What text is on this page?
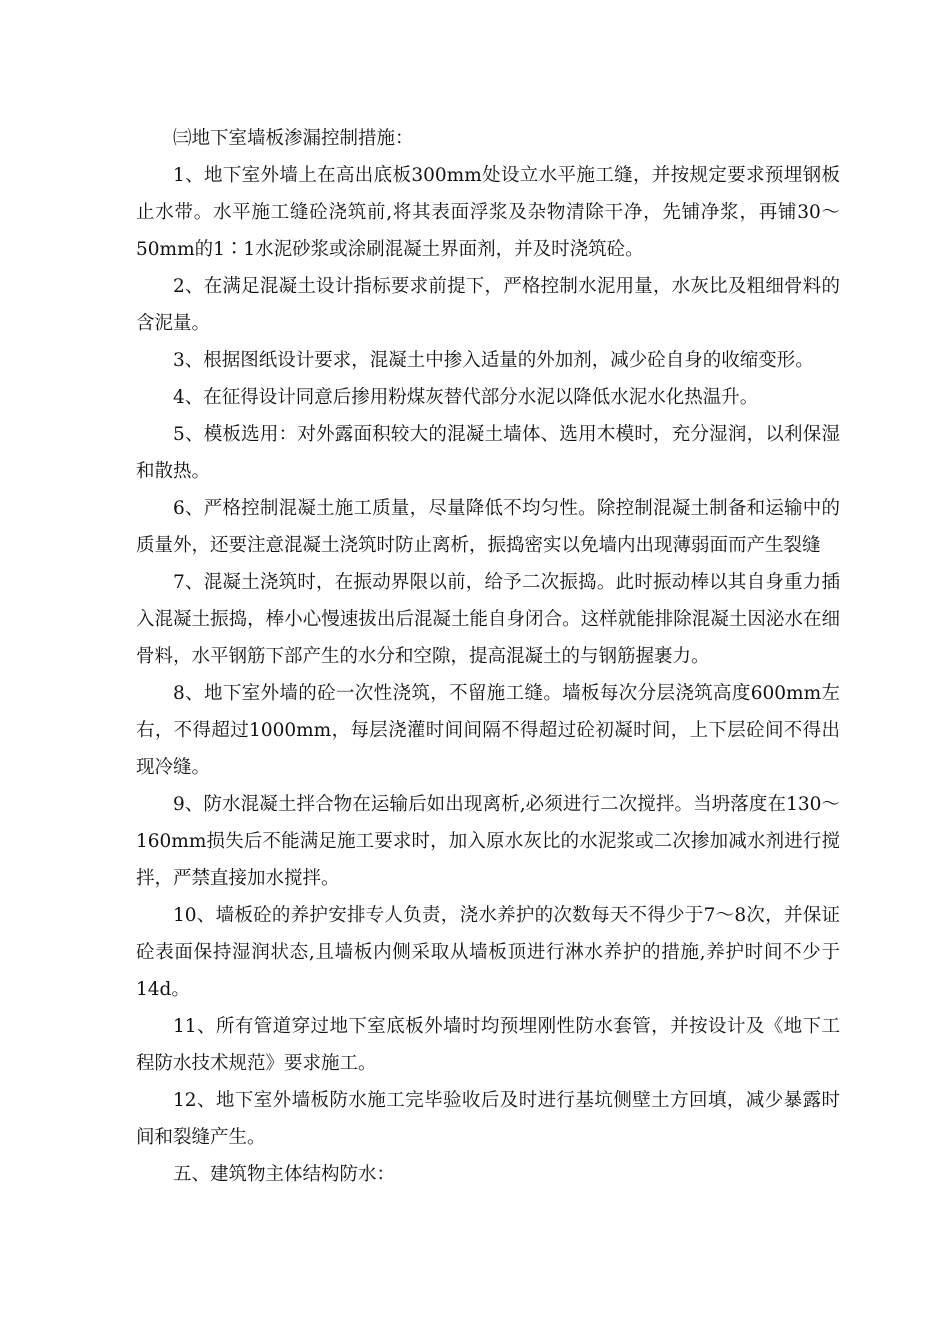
㈢地下室墙板渗漏控制措施：

1、地下室外墙上在高出底板300mm处设立水平施工缝，并按规定要求预埋钢板止水带。水平施工缝砼浇筑前,将其表面浮浆及杂物清除干净，先铺净浆，再铺30～50mm的1∶1水泥砂浆或涂刷混凝土界面剂，并及时浇筑砼。

2、在满足混凝土设计指标要求前提下，严格控制水泥用量，水灰比及粗细骨料的含泥量。

3、根据图纸设计要求，混凝土中掺入适量的外加剂，减少砼自身的收缩变形。

4、在征得设计同意后掺用粉煤灰替代部分水泥以降低水泥水化热温升。

5、模板选用：对外露面积较大的混凝土墙体、选用木模时，充分湿润，以利保湿和散热。

6、严格控制混凝土施工质量，尽量降低不均匀性。除控制混凝土制备和运输中的质量外，还要注意混凝土浇筑时防止离析，振捣密实以免墙内出现薄弱面而产生裂缝

7、混凝土浇筑时，在振动界限以前，给予二次振捣。此时振动棒以其自身重力插入混凝土振捣，棒小心慢速拔出后混凝土能自身闭合。这样就能排除混凝土因泌水在细骨料，水平钢筋下部产生的水分和空隙，提高混凝土的与钢筋握裹力。

8、地下室外墙的砼一次性浇筑，不留施工缝。墙板每次分层浇筑高度600mm左右，不得超过1000mm，每层浇灌时间间隔不得超过砼初凝时间，上下层砼间不得出现冷缝。

9、防水混凝土拌合物在运输后如出现离析,必须进行二次搅拌。当坍落度在130～160mm损失后不能满足施工要求时，加入原水灰比的水泥浆或二次掺加减水剂进行搅拌，严禁直接加水搅拌。

10、墙板砼的养护安排专人负责，浇水养护的次数每天不得少于7～8次，并保证砼表面保持湿润状态,且墙板内侧采取从墙板顶进行淋水养护的措施,养护时间不少于14d。

11、所有管道穿过地下室底板外墙时均预埋刚性防水套管，并按设计及《地下工程防水技术规范》要求施工。

12、地下室外墙板防水施工完毕验收后及时进行基坑侧壁土方回填，减少暴露时间和裂缝产生。

五、建筑物主体结构防水：
